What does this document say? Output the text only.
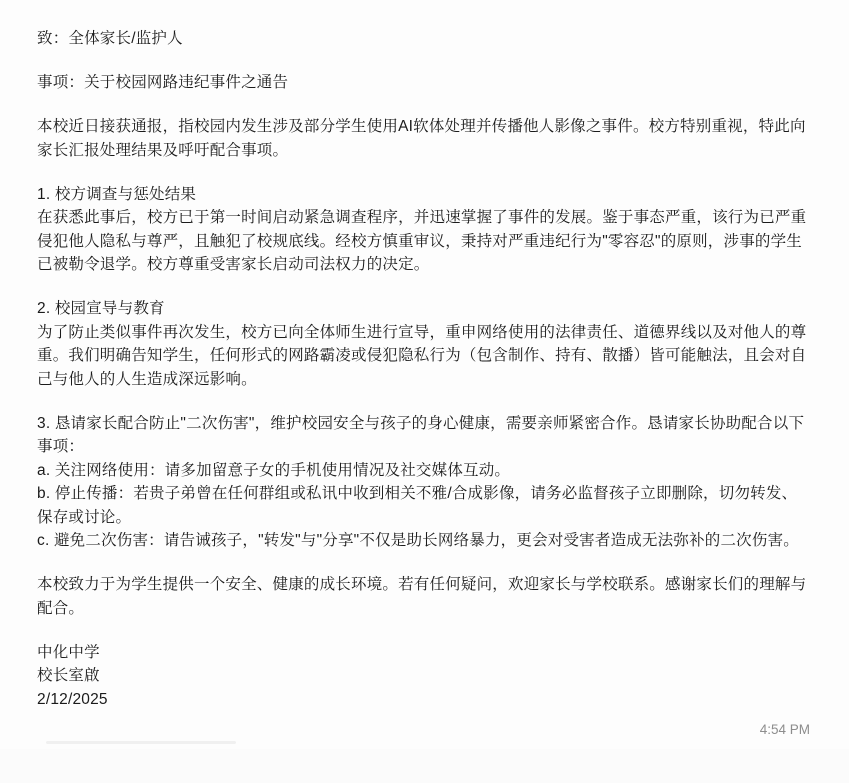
致：全体家长/监护人

事项：关于校园网路违纪事件之通告

本校近日接获通报，指校园内发生涉及部分学生使用AI软体处理并传播他人影像之事件。校方特别重视，特此向家长汇报处理结果及呼吁配合事项。

1. 校方调查与惩处结果
在获悉此事后，校方已于第一时间启动紧急调查程序，并迅速掌握了事件的发展。鉴于事态严重，该行为已严重侵犯他人隐私与尊严，且触犯了校规底线。经校方慎重审议，秉持对严重违纪行为"零容忍"的原则，涉事的学生已被勒令退学。校方尊重受害家长启动司法权力的决定。

2. 校园宣导与教育
为了防止类似事件再次发生，校方已向全体师生进行宣导，重申网络使用的法律责任、道德界线以及对他人的尊重。我们明确告知学生，任何形式的网路霸凌或侵犯隐私行为（包含制作、持有、散播）皆可能触法，且会对自己与他人的人生造成深远影响。

3. 恳请家长配合防止"二次伤害"，维护校园安全与孩子的身心健康，需要亲师紧密合作。恳请家长协助配合以下事项：
a. 关注网络使用：请多加留意子女的手机使用情况及社交媒体互动。
b. 停止传播：若贵子弟曾在任何群组或私讯中收到相关不雅/合成影像，请务必监督孩子立即删除，切勿转发、保存或讨论。
c. 避免二次伤害：请告诫孩子，"转发"与"分享"不仅是助长网络暴力，更会对受害者造成无法弥补的二次伤害。

本校致力于为学生提供一个安全、健康的成长环境。若有任何疑问，欢迎家长与学校联系。感谢家长们的理解与配合。

中化中学
校长室啟
2/12/2025

4:54 PM
